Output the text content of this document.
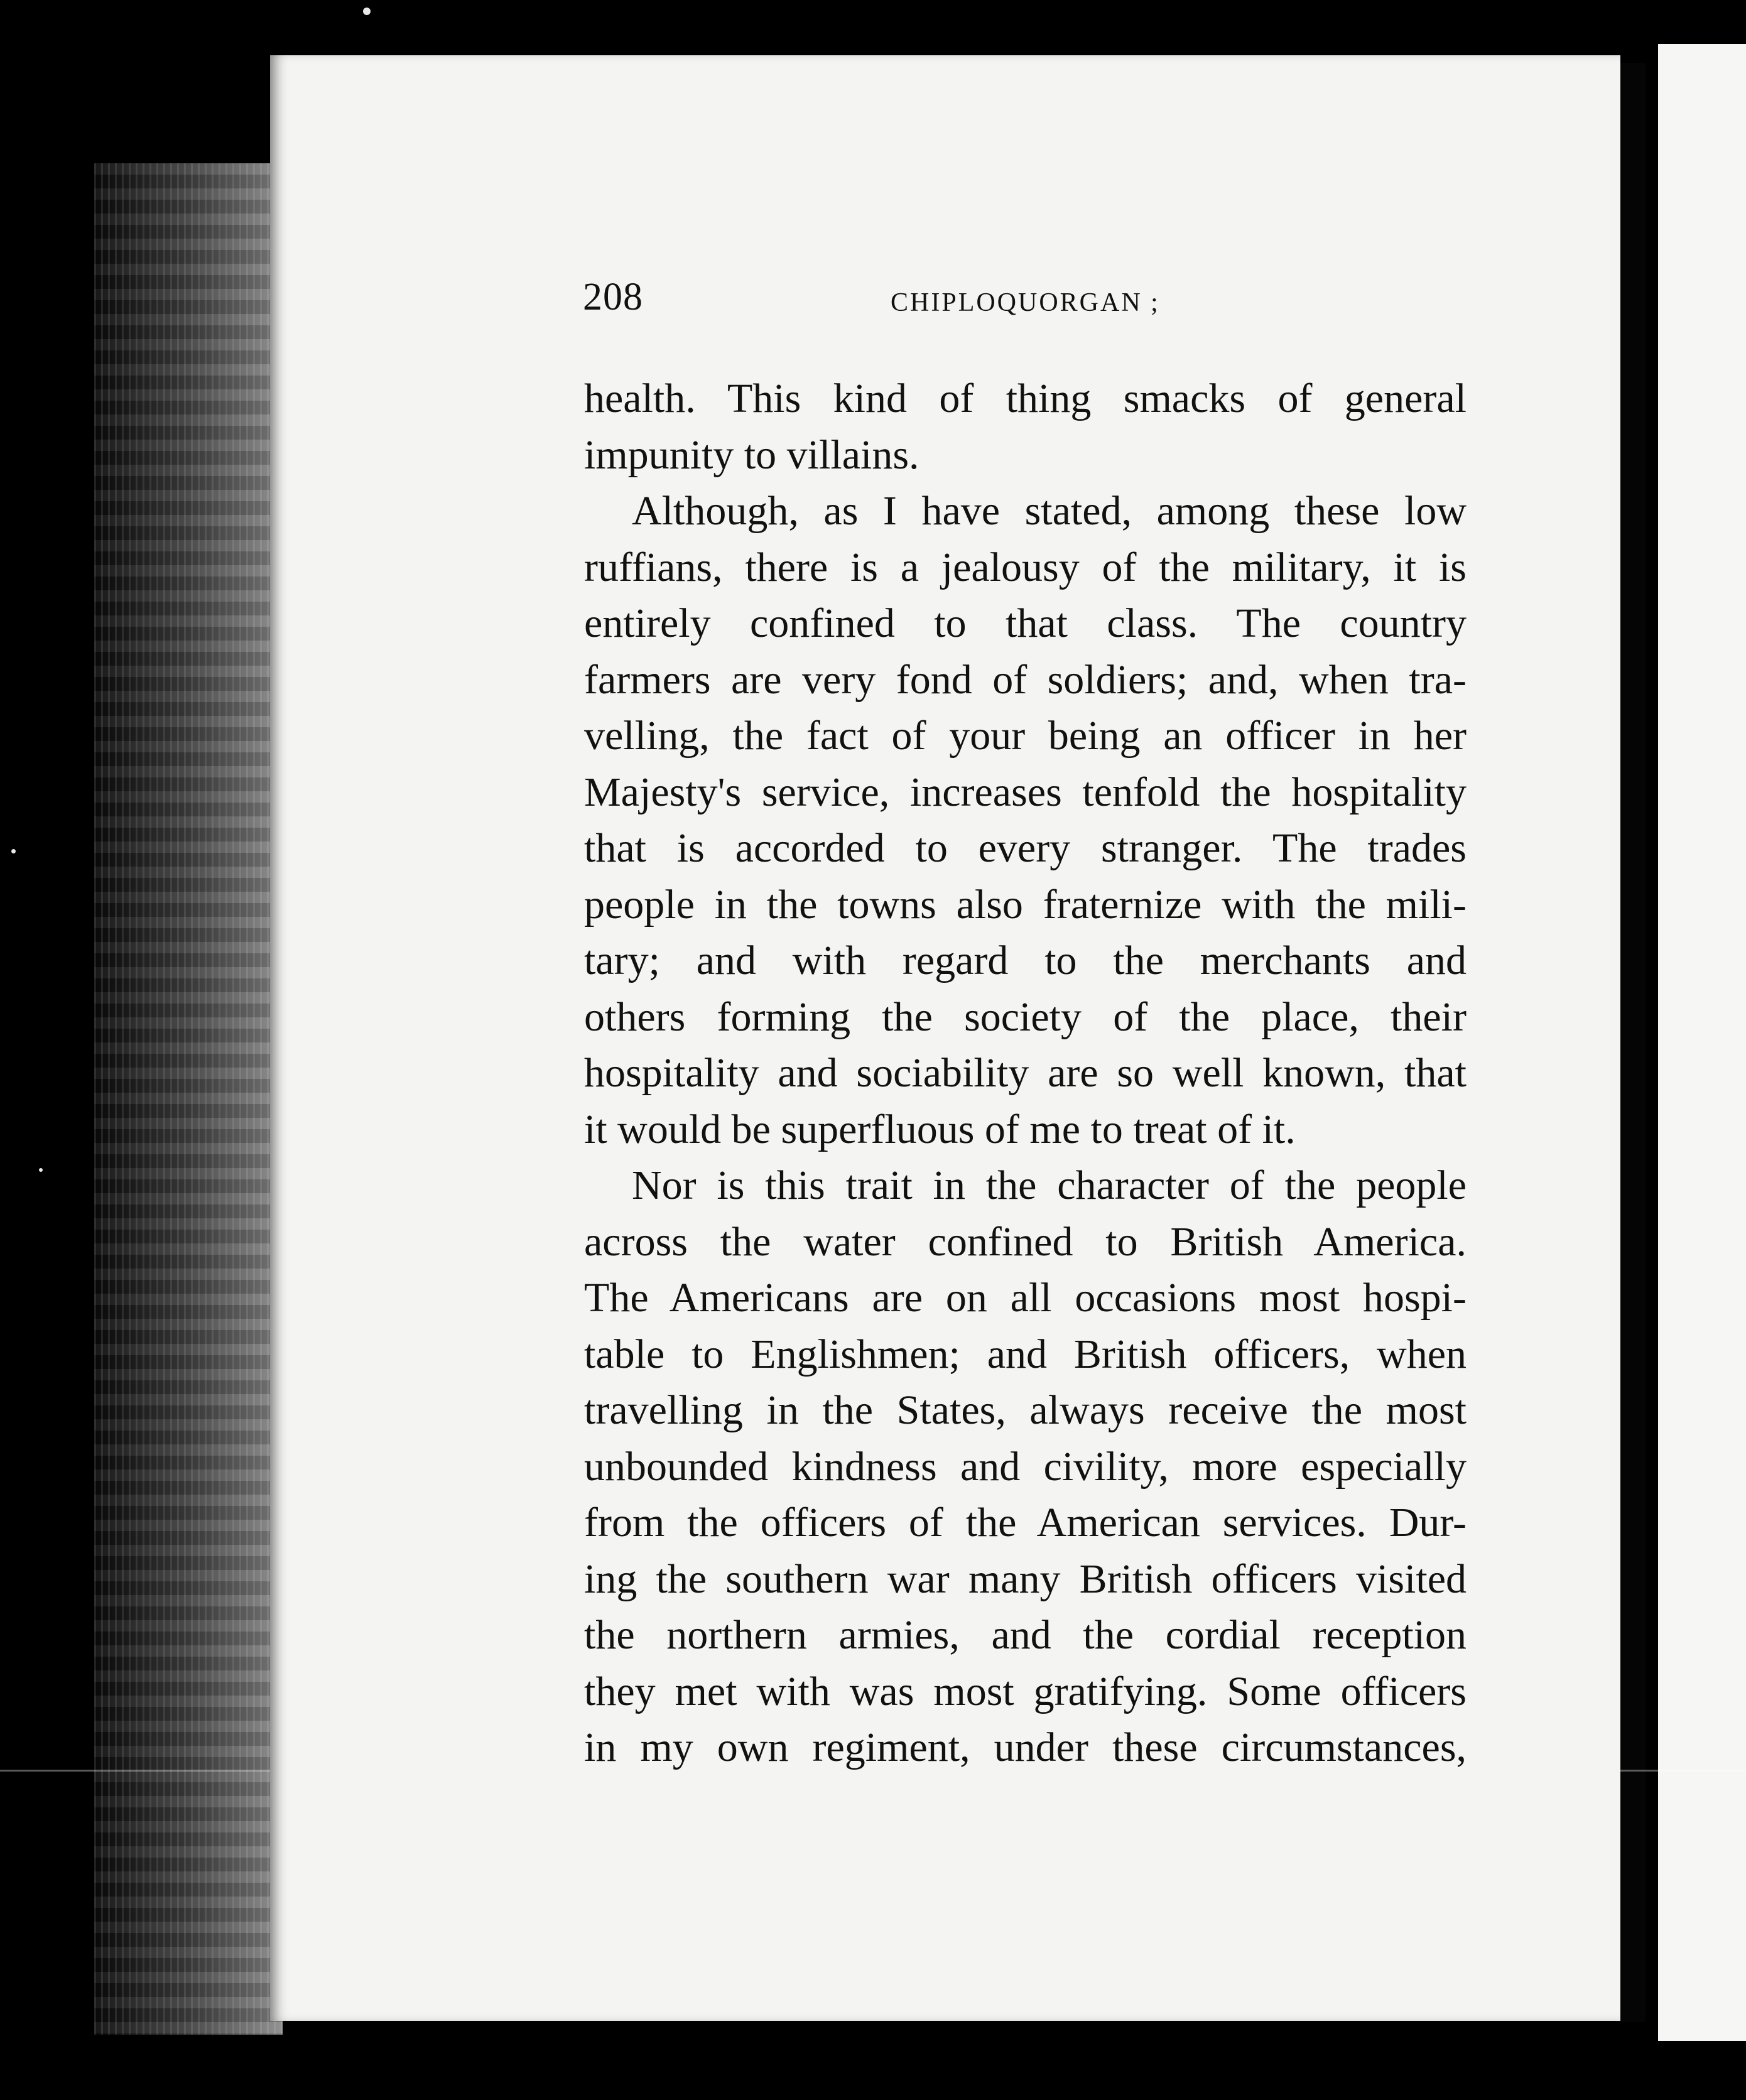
208	CHIPLOQUORGAN ;
health. This kind of thing smacks of general
impunity to villains.
Although, as I have stated, among these low
ruffians, there is a jealousy of the military, it is
entirely confined to that class. The country
farmers are very fond of soldiers; and, when tra-
velling, the fact of your being an officer in her
Majesty's service, increases tenfold the hospitality
that is accorded to every stranger. The trades
people in the towns also fraternize with the mili-
tary; and with regard to the merchants and
others forming the society of the place, their
hospitality and sociability are so well known, that
it would be superfluous of me to treat of it.
Nor is this trait in the character of the people
across the water confined to British America.
The Americans are on all occasions most hospi-
table to Englishmen; and British officers, when
travelling in the States, always receive the most
unbounded kindness and civility, more especially
from the officers of the American services. Dur-
ing the southern war many British officers visited
the northern armies, and the cordial reception
they met with was most gratifying. Some officers
in my own regiment, under these circumstances,
